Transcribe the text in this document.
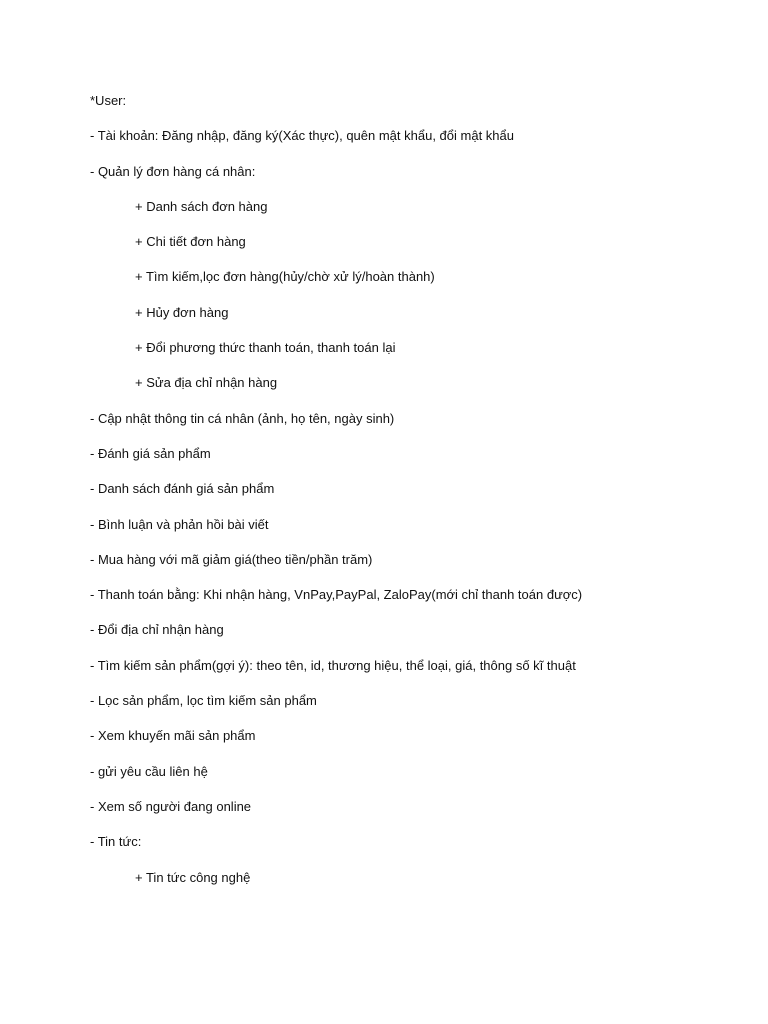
*User:
- Tài khoản: Đăng nhập, đăng ký(Xác thực), quên mật khẩu, đổi mật khẩu
- Quản lý đơn hàng cá nhân:
+ Danh sách đơn hàng
+ Chi tiết đơn hàng
+ Tìm kiếm,lọc đơn hàng(hủy/chờ xử lý/hoàn thành)
+ Hủy đơn hàng
+ Đổi phương thức thanh toán, thanh toán lại
+ Sửa địa chỉ nhận hàng
- Cập nhật thông tin cá nhân (ảnh, họ tên, ngày sinh)
- Đánh giá sản phẩm
- Danh sách đánh giá sản phẩm
- Bình luận và phản hồi bài viết
- Mua hàng với mã giảm giá(theo tiền/phần trăm)
- Thanh toán bằng: Khi nhận hàng, VnPay,PayPal, ZaloPay(mới chỉ thanh toán được)
- Đổi địa chỉ nhận hàng
- Tìm kiếm sản phẩm(gợi ý): theo tên, id, thương hiệu, thể loại, giá, thông số kĩ thuật
- Lọc sản phẩm, lọc tìm kiếm sản phẩm
- Xem khuyến mãi sản phẩm
- gửi yêu cầu liên hệ
- Xem số người đang online
- Tin tức:
+ Tin tức công nghệ
